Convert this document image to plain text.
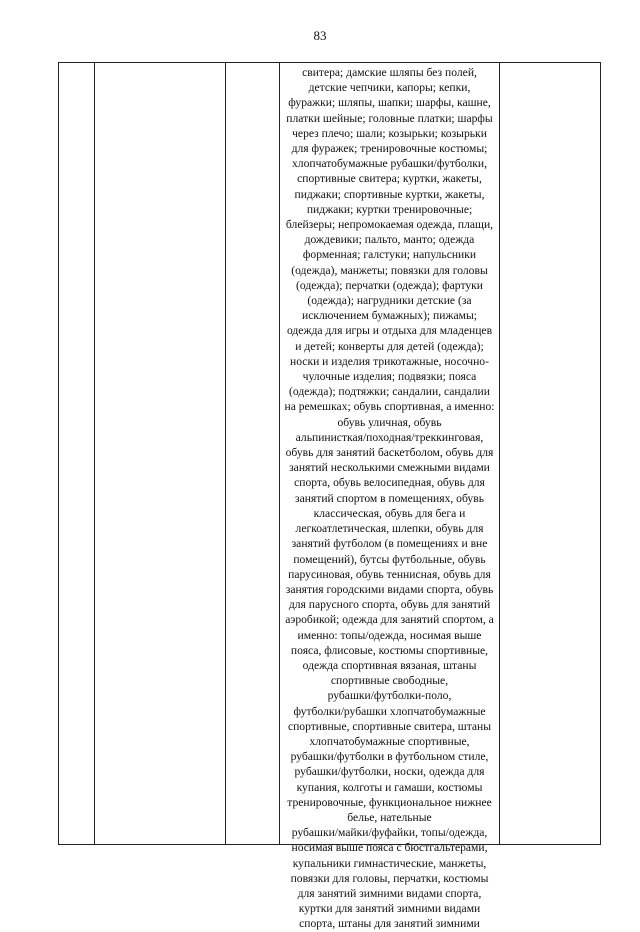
83
свитера; дамские шляпы без полей,
детские чепчики, капоры; кепки,
фуражки; шляпы, шапки; шарфы, кашне,
платки шейные; головные платки; шарфы
через плечо; шали; козырьки; козырьки
для фуражек; тренировочные костюмы;
хлопчатобумажные рубашки/футболки,
спортивные свитера; куртки, жакеты,
пиджаки; спортивные куртки, жакеты,
пиджаки; куртки тренировочные;
блейзеры; непромокаемая одежда, плащи,
дождевики; пальто, манто; одежда
форменная; галстуки; напульсники
(одежда), манжеты; повязки для головы
(одежда); перчатки (одежда); фартуки
(одежда); нагрудники детские (за
исключением бумажных); пижамы;
одежда для игры и отдыха для младенцев
и детей; конверты для детей (одежда);
носки и изделия трикотажные, носочно-
чулочные изделия; подвязки; пояса
(одежда); подтяжки; сандалии, сандалии
на ремешках; обувь спортивная, а именно:
обувь уличная, обувь
альпинисткая/походная/треккинговая,
обувь для занятий баскетболом, обувь для
занятий несколькими смежными видами
спорта, обувь велосипедная, обувь для
занятий спортом в помещениях, обувь
классическая, обувь для бега и
легкоатлетическая, шлепки, обувь для
занятий футболом (в помещениях и вне
помещений), бутсы футбольные, обувь
парусиновая, обувь теннисная, обувь для
занятия городскими видами спорта, обувь
для парусного спорта, обувь для занятий
аэробикой; одежда для занятий спортом, а
именно: топы/одежда, носимая выше
пояса, флисовые, костюмы спортивные,
одежда спортивная вязаная, штаны
спортивные свободные,
рубашки/футболки-поло,
футболки/рубашки хлопчатобумажные
спортивные, спортивные свитера, штаны
хлопчатобумажные спортивные,
рубашки/футболки в футбольном стиле,
рубашки/футболки, носки, одежда для
купания, колготы и гамаши, костюмы
тренировочные, функциональное нижнее
белье, нательные
рубашки/майки/фуфайки, топы/одежда,
носимая выше пояса с бюстгальтерами,
купальники гимнастические, манжеты,
повязки для головы, перчатки, костюмы
для занятий зимними видами спорта,
куртки для занятий зимними видами
спорта, штаны для занятий зимними
